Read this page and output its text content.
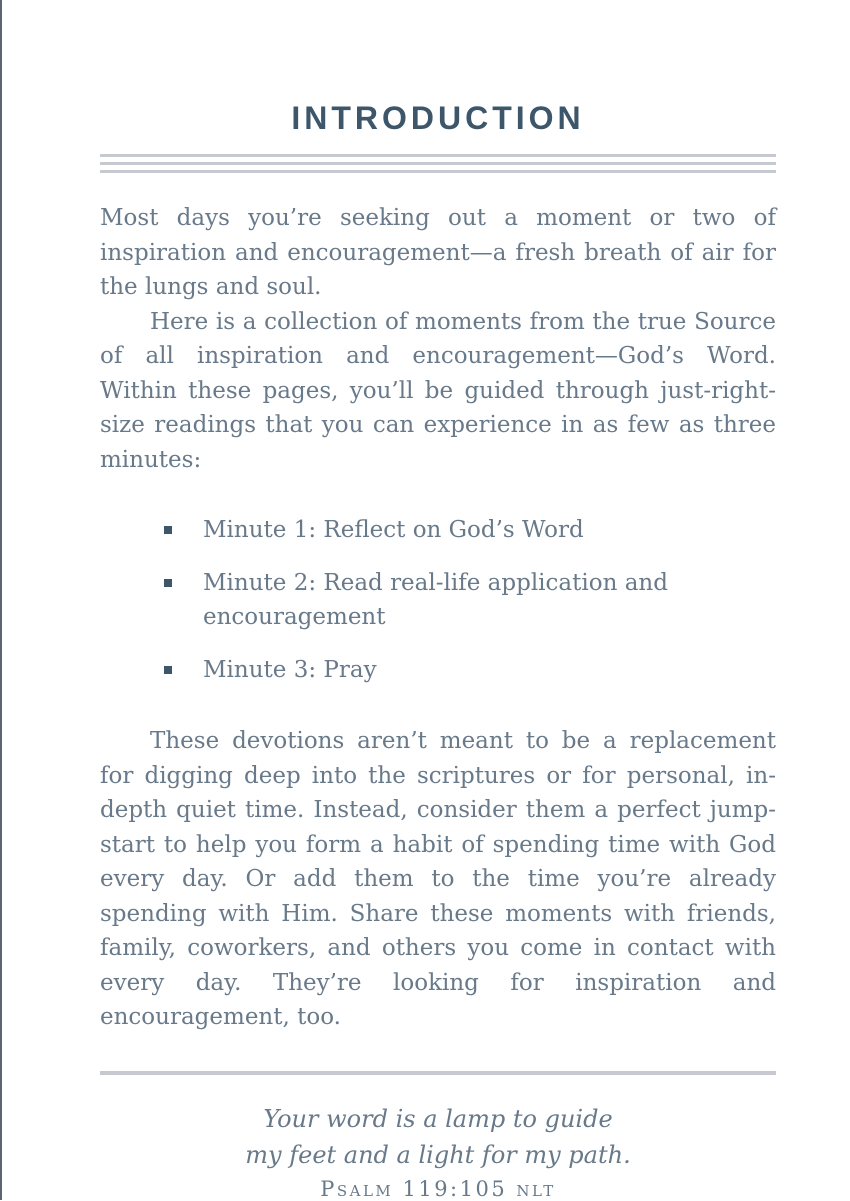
INTRODUCTION

Most days you’re seeking out a moment or two of inspiration and encouragement—a fresh breath of air for the lungs and soul.

Here is a collection of moments from the true Source of all inspiration and encouragement—God’s Word. Within these pages, you’ll be guided through just-right-size readings that you can experience in as few as three minutes:

Minute 1: Reflect on God’s Word
Minute 2: Read real-life application and encouragement
Minute 3: Pray

These devotions aren’t meant to be a replacement for digging deep into the scriptures or for personal, in-depth quiet time. Instead, consider them a perfect jump-start to help you form a habit of spending time with God every day. Or add them to the time you’re already spending with Him. Share these moments with friends, family, coworkers, and others you come in contact with every day. They’re looking for inspiration and encouragement, too.

Your word is a lamp to guide
my feet and a light for my path.
Psalm 119:105 nlt
